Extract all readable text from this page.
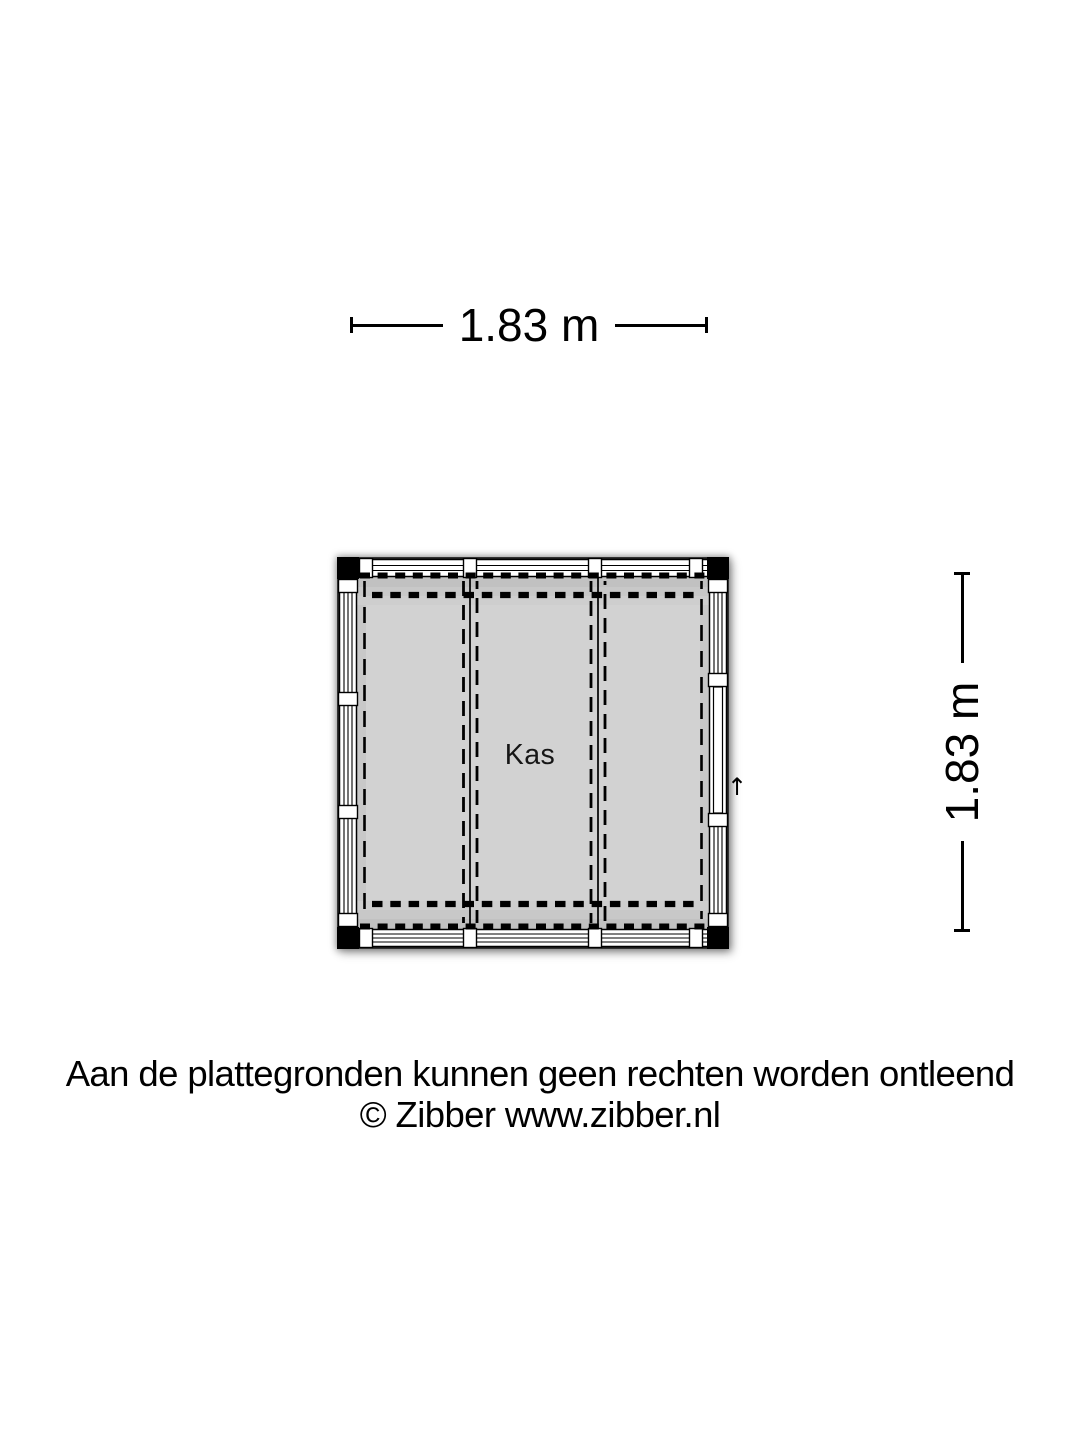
1.83 m
1.83 m
Kas
↑
Aan de plattegronden kunnen geen rechten worden ontleend
© Zibber www.zibber.nl
